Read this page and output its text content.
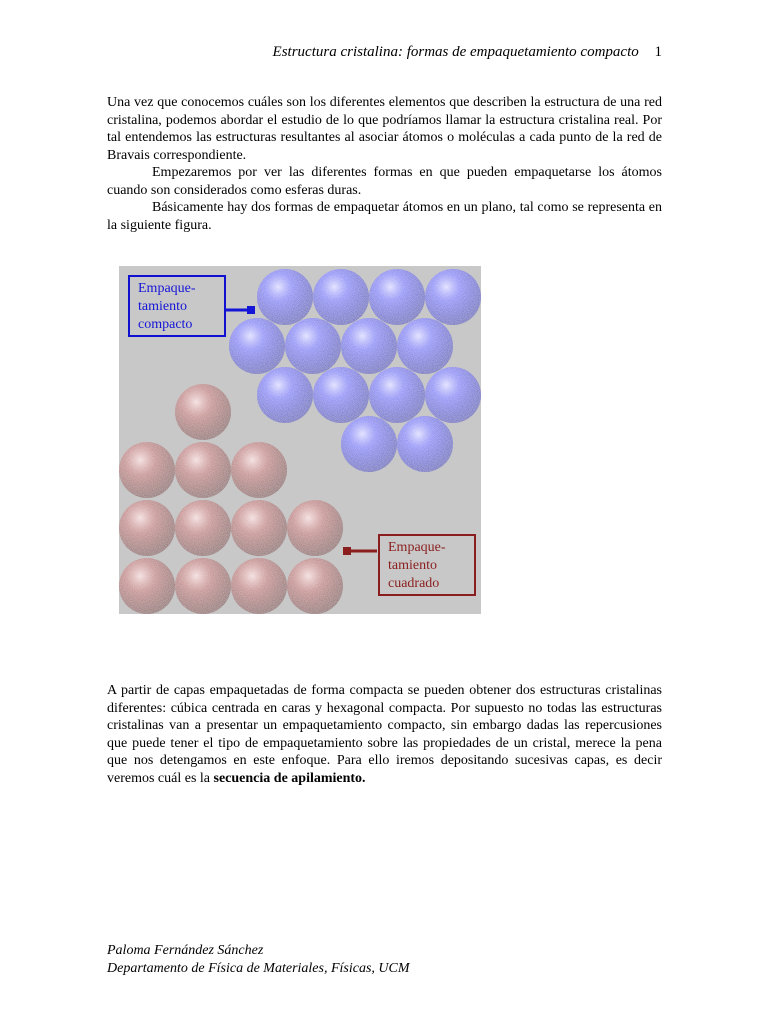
Estructura cristalina: formas de empaquetamiento compacto 1
Una vez que conocemos cuáles son los diferentes elementos que describen la estructura de una red cristalina, podemos abordar el estudio de lo que podríamos llamar la estructura cristalina real. Por tal entendemos las estructuras resultantes al asociar átomos o moléculas a cada punto de la red de Bravais correspondiente.
Empezaremos por ver las diferentes formas en que pueden empaquetarse los átomos cuando son considerados como esferas duras.
Básicamente hay dos formas de empaquetar átomos en un plano, tal como se representa en la siguiente figura.
Empaque-
tamiento
compacto
Empaque-
tamiento
cuadrado

A partir de capas empaquetadas de forma compacta se pueden obtener dos estructuras cristalinas diferentes: cúbica centrada en caras y hexagonal compacta. Por supuesto no todas las estructuras cristalinas van a presentar un empaquetamiento compacto, sin embargo dadas las repercusiones que puede tener el tipo de empaquetamiento sobre las propiedades de un cristal, merece la pena que nos detengamos en este enfoque. Para ello iremos depositando sucesivas capas, es decir veremos cuál es la secuencia de apilamiento.

Paloma Fernández Sánchez
Departamento de Física de Materiales, Físicas, UCM
